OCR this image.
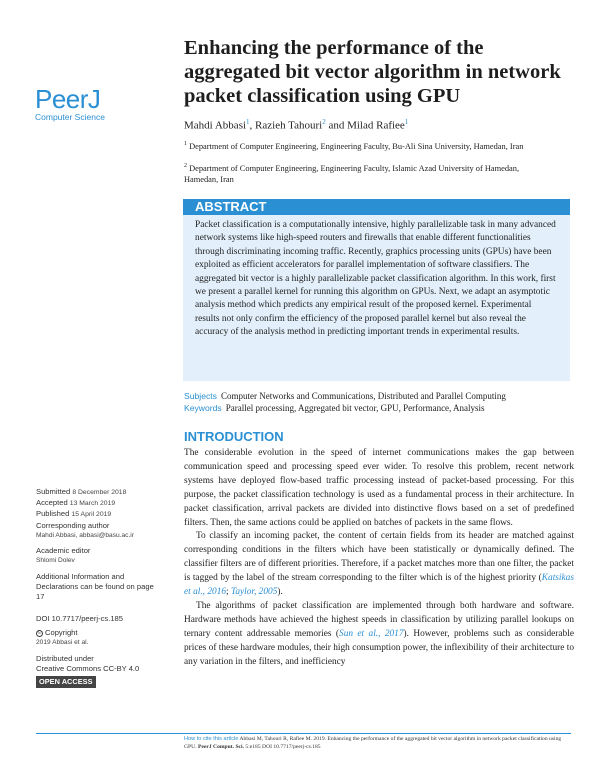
PeerJ
Computer Science
Enhancing the performance of the aggregated bit vector algorithm in network packet classification using GPU
Mahdi Abbasi$^1$, Razieh Tahouri$^2$ and Milad Rafiee$^1$
$^1$ Department of Computer Engineering, Engineering Faculty, Bu-Ali Sina University, Hamedan, Iran
$^2$ Department of Computer Engineering, Engineering Faculty, Islamic Azad University of Hamedan, Hamedan, Iran
ABSTRACT
Packet classification is a computationally intensive, highly parallelizable task in many advanced network systems like high-speed routers and firewalls that enable different functionalities through discriminating incoming traffic. Recently, graphics processing units (GPUs) have been exploited as efficient accelerators for parallel implementation of software classifiers. The aggregated bit vector is a highly parallelizable packet classification algorithm. In this work, first we present a parallel kernel for running this algorithm on GPUs. Next, we adapt an asymptotic analysis method which predicts any empirical result of the proposed kernel. Experimental results not only confirm the efficiency of the proposed parallel kernel but also reveal the accuracy of the analysis method in predicting important trends in experimental results.
Subjects Computer Networks and Communications, Distributed and Parallel Computing
Keywords Parallel processing, Aggregated bit vector, GPU, Performance, Analysis
INTRODUCTION

The considerable evolution in the speed of internet communications makes the gap between communication speed and processing speed ever wider. To resolve this problem, recent network systems have deployed flow-based traffic processing instead of packet-based processing. For this purpose, the packet classification technology is used as a fundamental process in their architecture. In packet classification, arrival packets are divided into distinctive flows based on a set of predefined filters. Then, the same actions could be applied on batches of packets in the same flows.

To classify an incoming packet, the content of certain fields from its header are matched against corresponding conditions in the filters which have been statistically or dynamically defined. The classifier filters are of different priorities. Therefore, if a packet matches more than one filter, the packet is tagged by the label of the stream corresponding to the filter which is of the highest priority (Katsikas et al., 2016; Taylor, 2005).

The algorithms of packet classification are implemented through both hardware and software. Hardware methods have achieved the highest speeds in classification by utilizing parallel lookups on ternary content addressable memories (Sun et al., 2017). However, problems such as considerable prices of these hardware modules, their high consumption power, the inflexibility of their architecture to any variation in the filters, and inefficiency

Submitted 8 December 2018
Accepted 13 March 2019
Published 15 April 2019
Corresponding author
Mahdi Abbasi, abbasi@basu.ac.ir
Academic editor
Shlomi Dolev
Additional Information and Declarations can be found on page 17
DOI 10.7717/peerj-cs.185
© Copyright
2019 Abbasi et al.
Distributed under
Creative Commons CC-BY 4.0
OPEN ACCESS
How to cite this article Abbasi M, Tahouri R, Rafiee M. 2019. Enhancing the performance of the aggregated bit vector algorithm in network packet classification using GPU. PeerJ Comput. Sci. 5:e185 DOI 10.7717/peerj-cs.185
